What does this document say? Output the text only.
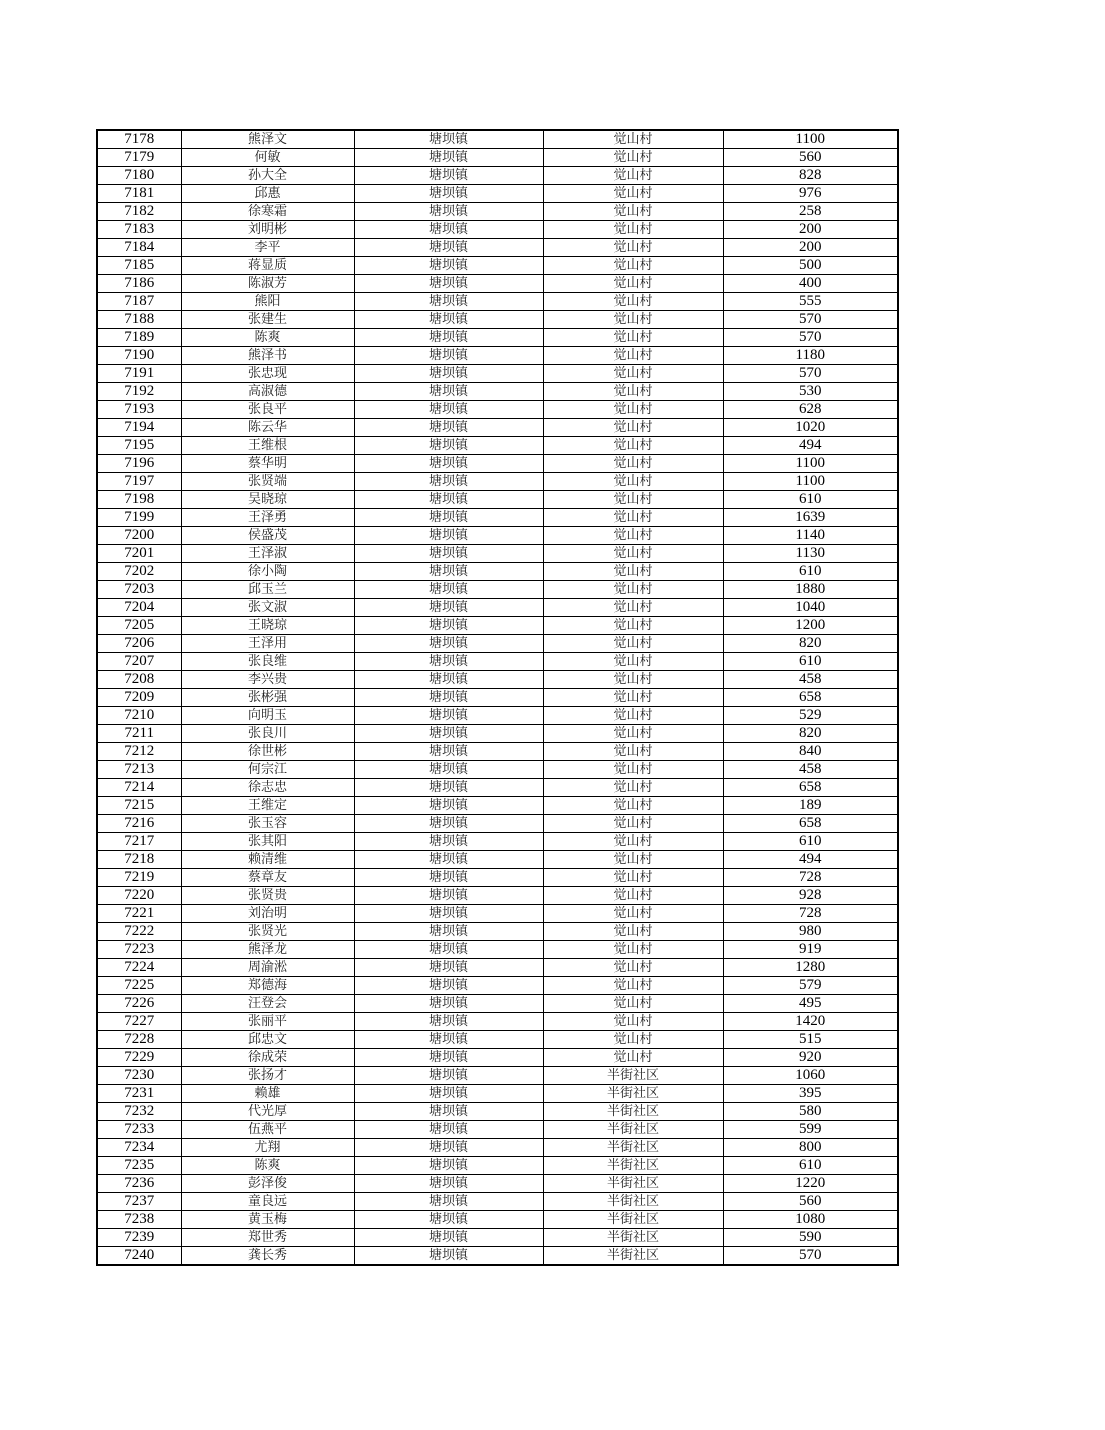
7178	熊泽文	塘坝镇	觉山村	1100
7179	何敏	塘坝镇	觉山村	560
7180	孙大全	塘坝镇	觉山村	828
7181	邱惠	塘坝镇	觉山村	976
7182	徐寒霜	塘坝镇	觉山村	258
7183	刘明彬	塘坝镇	觉山村	200
7184	李平	塘坝镇	觉山村	200
7185	蒋显质	塘坝镇	觉山村	500
7186	陈淑芳	塘坝镇	觉山村	400
7187	熊阳	塘坝镇	觉山村	555
7188	张建生	塘坝镇	觉山村	570
7189	陈爽	塘坝镇	觉山村	570
7190	熊泽书	塘坝镇	觉山村	1180
7191	张忠现	塘坝镇	觉山村	570
7192	高淑德	塘坝镇	觉山村	530
7193	张良平	塘坝镇	觉山村	628
7194	陈云华	塘坝镇	觉山村	1020
7195	王维根	塘坝镇	觉山村	494
7196	蔡华明	塘坝镇	觉山村	1100
7197	张贤端	塘坝镇	觉山村	1100
7198	吴晓琼	塘坝镇	觉山村	610
7199	王泽勇	塘坝镇	觉山村	1639
7200	侯盛茂	塘坝镇	觉山村	1140
7201	王泽淑	塘坝镇	觉山村	1130
7202	徐小陶	塘坝镇	觉山村	610
7203	邱玉兰	塘坝镇	觉山村	1880
7204	张文淑	塘坝镇	觉山村	1040
7205	王晓琼	塘坝镇	觉山村	1200
7206	王泽用	塘坝镇	觉山村	820
7207	张良维	塘坝镇	觉山村	610
7208	李兴贵	塘坝镇	觉山村	458
7209	张彬强	塘坝镇	觉山村	658
7210	向明玉	塘坝镇	觉山村	529
7211	张良川	塘坝镇	觉山村	820
7212	徐世彬	塘坝镇	觉山村	840
7213	何宗江	塘坝镇	觉山村	458
7214	徐志忠	塘坝镇	觉山村	658
7215	王维定	塘坝镇	觉山村	189
7216	张玉容	塘坝镇	觉山村	658
7217	张其阳	塘坝镇	觉山村	610
7218	赖清维	塘坝镇	觉山村	494
7219	蔡章友	塘坝镇	觉山村	728
7220	张贤贵	塘坝镇	觉山村	928
7221	刘治明	塘坝镇	觉山村	728
7222	张贤光	塘坝镇	觉山村	980
7223	熊泽龙	塘坝镇	觉山村	919
7224	周渝淞	塘坝镇	觉山村	1280
7225	郑德海	塘坝镇	觉山村	579
7226	汪登会	塘坝镇	觉山村	495
7227	张丽平	塘坝镇	觉山村	1420
7228	邱忠文	塘坝镇	觉山村	515
7229	徐成荣	塘坝镇	觉山村	920
7230	张扬才	塘坝镇	半街社区	1060
7231	赖雄	塘坝镇	半街社区	395
7232	代光厚	塘坝镇	半街社区	580
7233	伍燕平	塘坝镇	半街社区	599
7234	尤翔	塘坝镇	半街社区	800
7235	陈爽	塘坝镇	半街社区	610
7236	彭泽俊	塘坝镇	半街社区	1220
7237	童良远	塘坝镇	半街社区	560
7238	黄玉梅	塘坝镇	半街社区	1080
7239	郑世秀	塘坝镇	半街社区	590
7240	龚长秀	塘坝镇	半街社区	570
